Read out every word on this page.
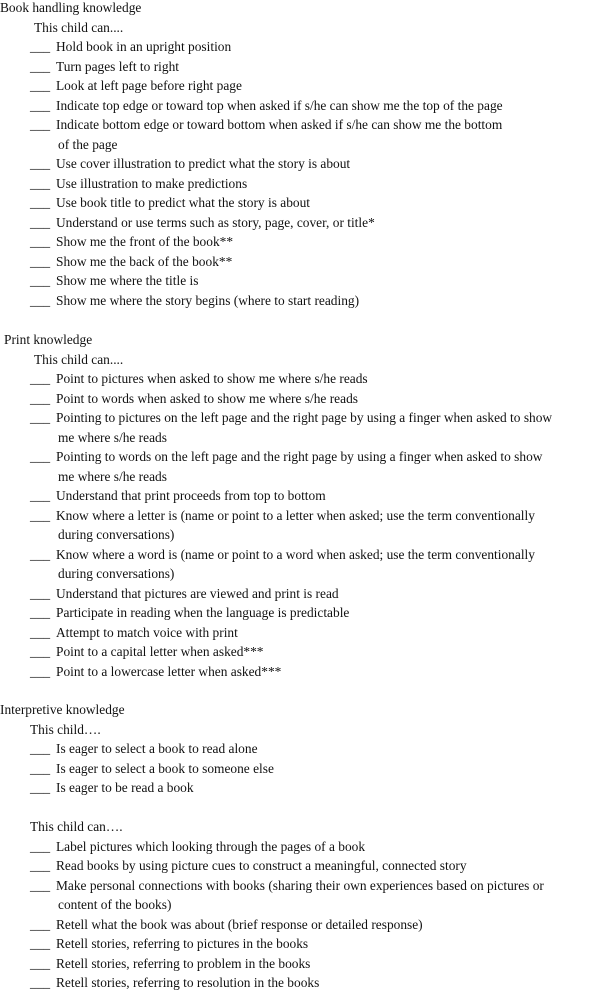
Book handling knowledge
This child can....
___ Hold book in an upright position
___ Turn pages left to right
___ Look at left page before right page
___ Indicate top edge or toward top when asked if s/he can show me the top of the page
___ Indicate bottom edge or toward bottom when asked if s/he can show me the bottom
of the page
___ Use cover illustration to predict what the story is about
___ Use illustration to make predictions
___ Use book title to predict what the story is about
___ Understand or use terms such as story, page, cover, or title*
___ Show me the front of the book**
___ Show me the back of the book**
___ Show me where the title is
___ Show me where the story begins (where to start reading)
Print knowledge
This child can....
___ Point to pictures when asked to show me where s/he reads
___ Point to words when asked to show me where s/he reads
___ Pointing to pictures on the left page and the right page by using a finger when asked to show
me where s/he reads
___ Pointing to words on the left page and the right page by using a finger when asked to show
me where s/he reads
___ Understand that print proceeds from top to bottom
___ Know where a letter is (name or point to a letter when asked; use the term conventionally
during conversations)
___ Know where a word is (name or point to a word when asked; use the term conventionally
during conversations)
___ Understand that pictures are viewed and print is read
___ Participate in reading when the language is predictable
___ Attempt to match voice with print
___ Point to a capital letter when asked***
___ Point to a lowercase letter when asked***
Interpretive knowledge
This child….
___ Is eager to select a book to read alone
___ Is eager to select a book to someone else
___ Is eager to be read a book
This child can….
___ Label pictures which looking through the pages of a book
___ Read books by using picture cues to construct a meaningful, connected story
___ Make personal connections with books (sharing their own experiences based on pictures or
content of the books)
___ Retell what the book was about (brief response or detailed response)
___ Retell stories, referring to pictures in the books
___ Retell stories, referring to problem in the books
___ Retell stories, referring to resolution in the books
